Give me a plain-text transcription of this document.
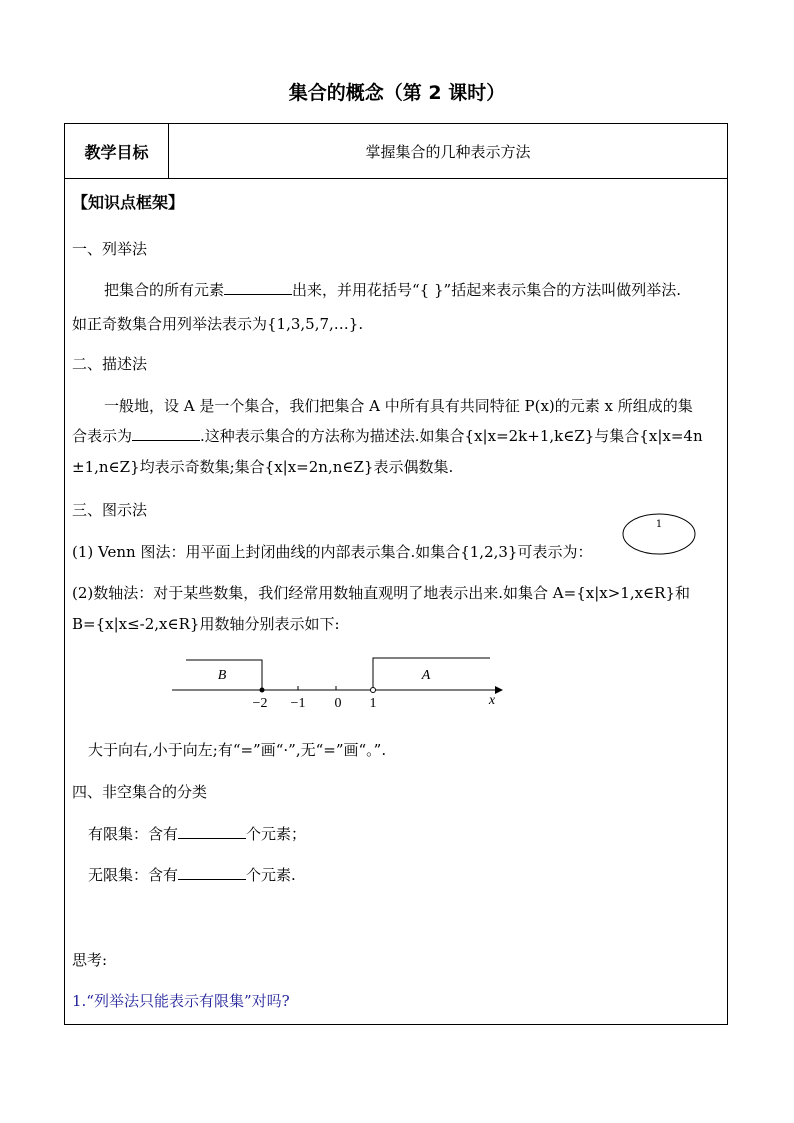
集合的概念（第 2 课时）
教学目标	掌握集合的几种表示方法
【知识点框架】
一、列举法
把集合的所有元素	出来，并用花括号“{ }”括起来表示集合的方法叫做列举法.
如正奇数集合用列举法表示为{1,3,5,7,…}.
二、描述法
一般地，设 A 是一个集合，我们把集合 A 中所有具有共同特征 P(x)的元素 x 所组成的集
合表示为	.这种表示集合的方法称为描述法.如集合{x|x=2k+1,k∈Z}与集合{x|x=4n
±1,n∈Z}均表示奇数集;集合{x|x=2n,n∈Z}表示偶数集.
三、图示法
(1) Venn 图法：用平面上封闭曲线的内部表示集合.如集合{1,2,3}可表示为：
1
(2)数轴法：对于某些数集，我们经常用数轴直观明了地表示出来.如集合 A={x|x>1,x∈R}和
B={x|x≤-2,x∈R}用数轴分别表示如下:
B	A
−2 −1 0 1	x
大于向右,小于向左;有“=”画“·”,无“=”画“。”.
四、非空集合的分类
有限集：含有	个元素；
无限集：含有	个元素.
思考:
1.“列举法只能表示有限集”对吗?
